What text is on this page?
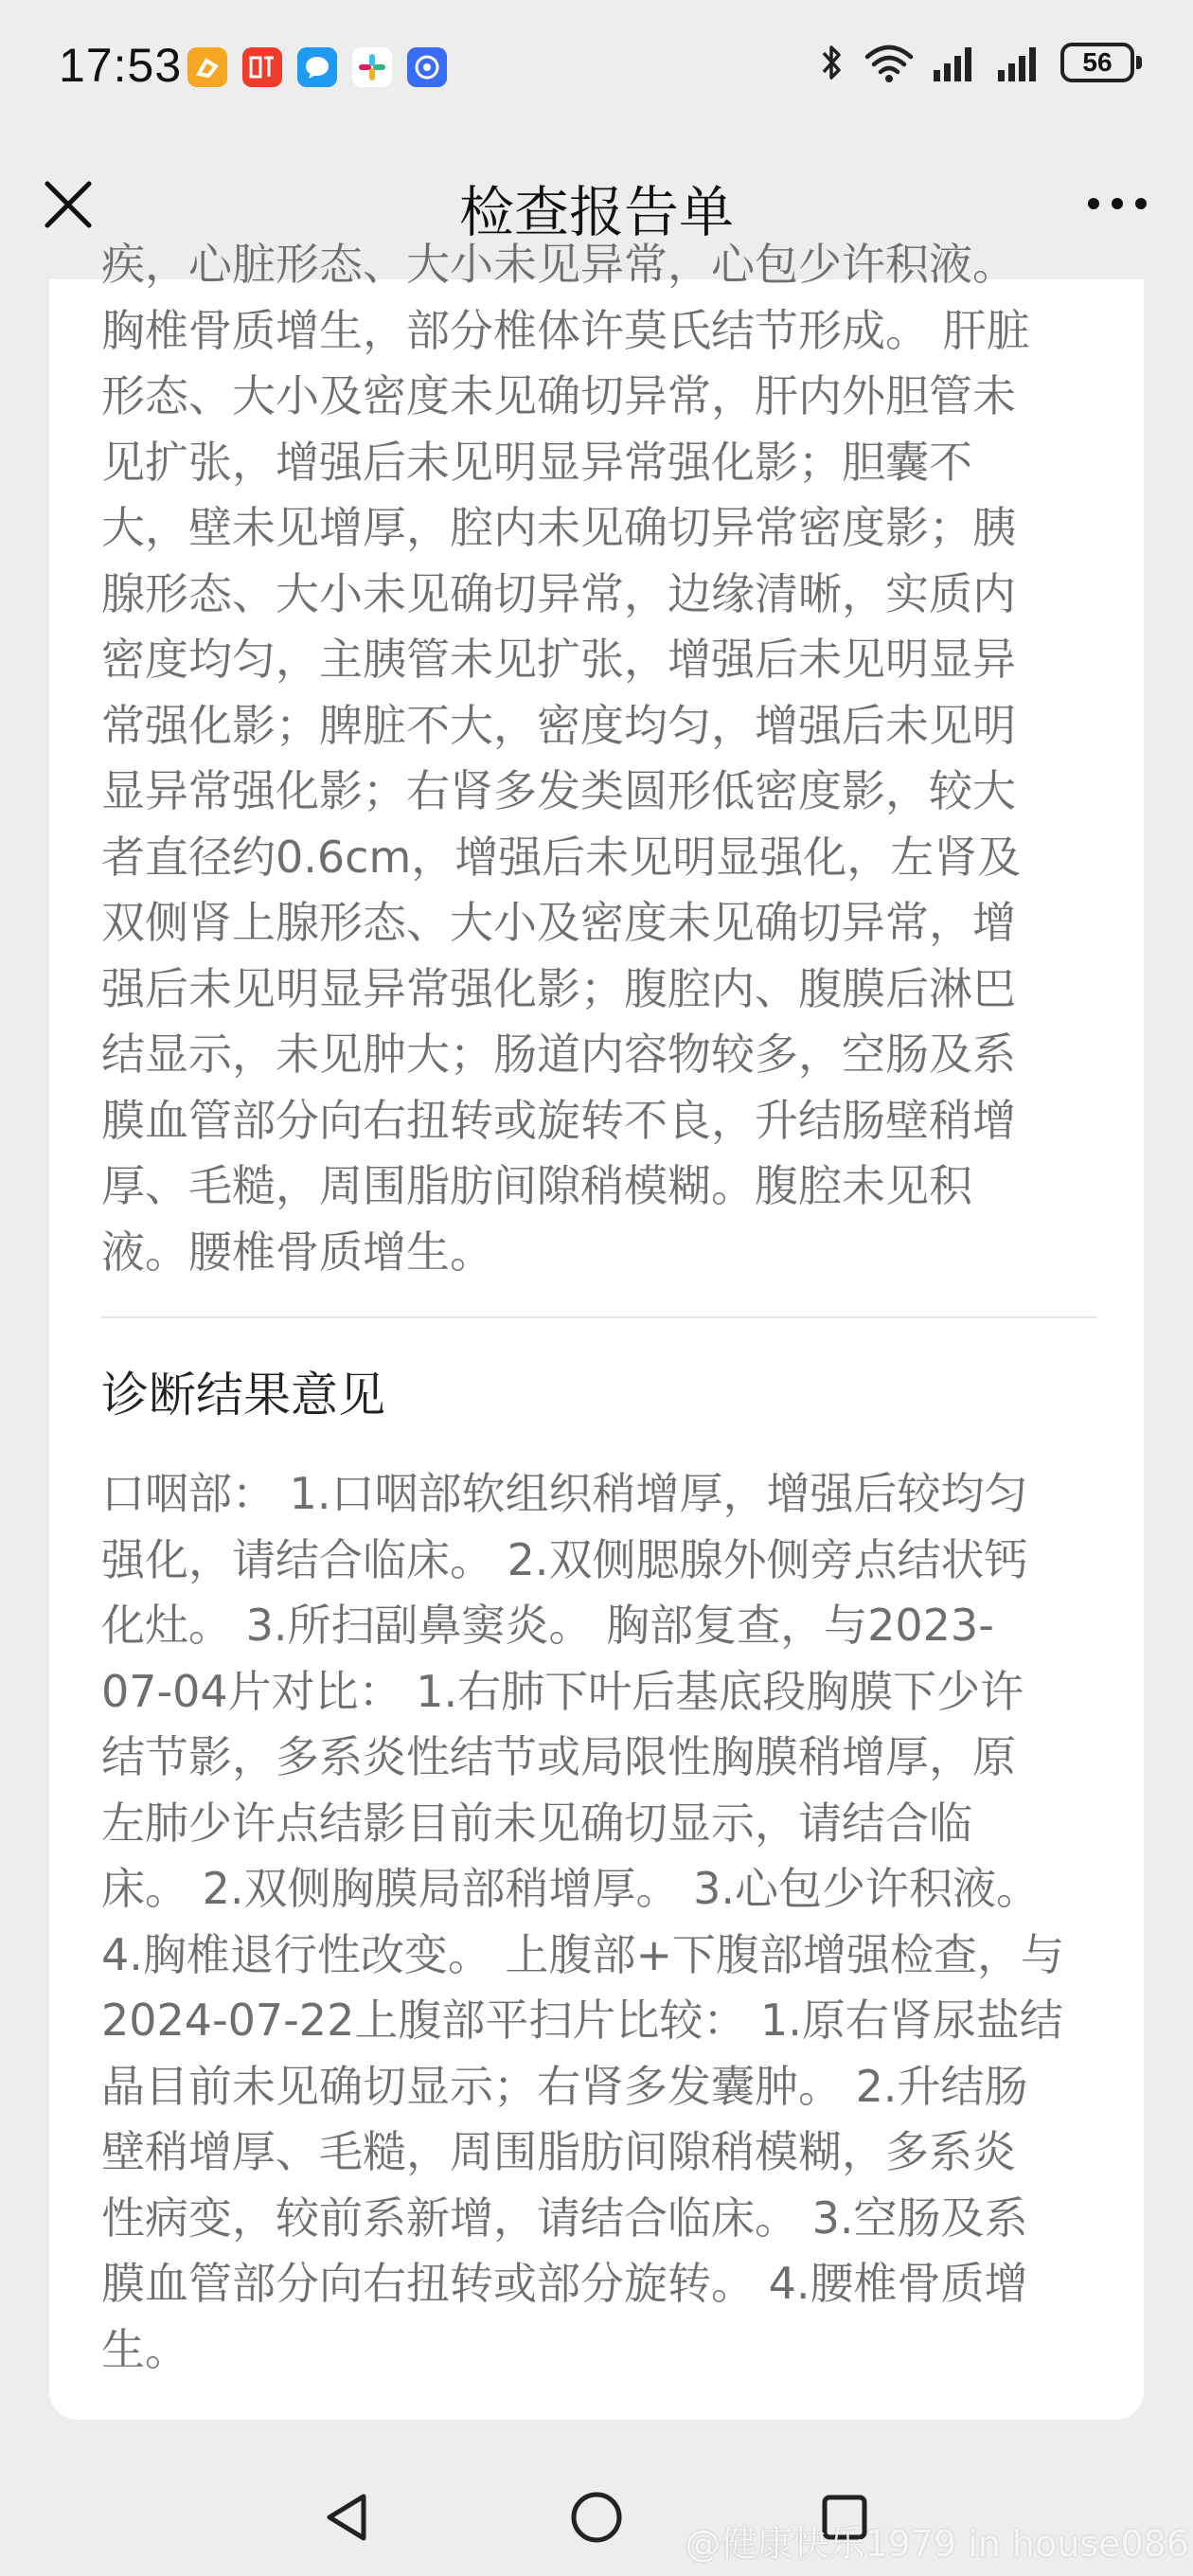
17:53	56
检查报告单

疾，心脏形态、大小未见异常，心包少许积液。
胸椎骨质增生，部分椎体许莫氏结节形成。 肝脏
形态、大小及密度未见确切异常，肝内外胆管未
见扩张，增强后未见明显异常强化影；胆囊不
大，壁未见增厚，腔内未见确切异常密度影；胰
腺形态、大小未见确切异常，边缘清晰，实质内
密度均匀，主胰管未见扩张，增强后未见明显异
常强化影；脾脏不大，密度均匀，增强后未见明
显异常强化影；右肾多发类圆形低密度影，较大
者直径约0.6cm，增强后未见明显强化，左肾及
双侧肾上腺形态、大小及密度未见确切异常，增
强后未见明显异常强化影；腹腔内、腹膜后淋巴
结显示，未见肿大；肠道内容物较多，空肠及系
膜血管部分向右扭转或旋转不良，升结肠壁稍增
厚、毛糙，周围脂肪间隙稍模糊。腹腔未见积
液。腰椎骨质增生。

诊断结果意见

口咽部： 1.口咽部软组织稍增厚，增强后较均匀
强化，请结合临床。 2.双侧腮腺外侧旁点结状钙
化灶。 3.所扫副鼻窦炎。 胸部复查，与2023-
07-04片对比： 1.右肺下叶后基底段胸膜下少许
结节影，多系炎性结节或局限性胸膜稍增厚，原
左肺少许点结影目前未见确切显示，请结合临
床。 2.双侧胸膜局部稍增厚。 3.心包少许积液。
4.胸椎退行性改变。 上腹部+下腹部增强检查，与
2024-07-22上腹部平扫片比较： 1.原右肾尿盐结
晶目前未见确切显示；右肾多发囊肿。 2.升结肠
壁稍增厚、毛糙，周围脂肪间隙稍模糊，多系炎
性病变，较前系新增，请结合临床。 3.空肠及系
膜血管部分向右扭转或部分旋转。 4.腰椎骨质增
生。

@健康快乐1979 in house086
